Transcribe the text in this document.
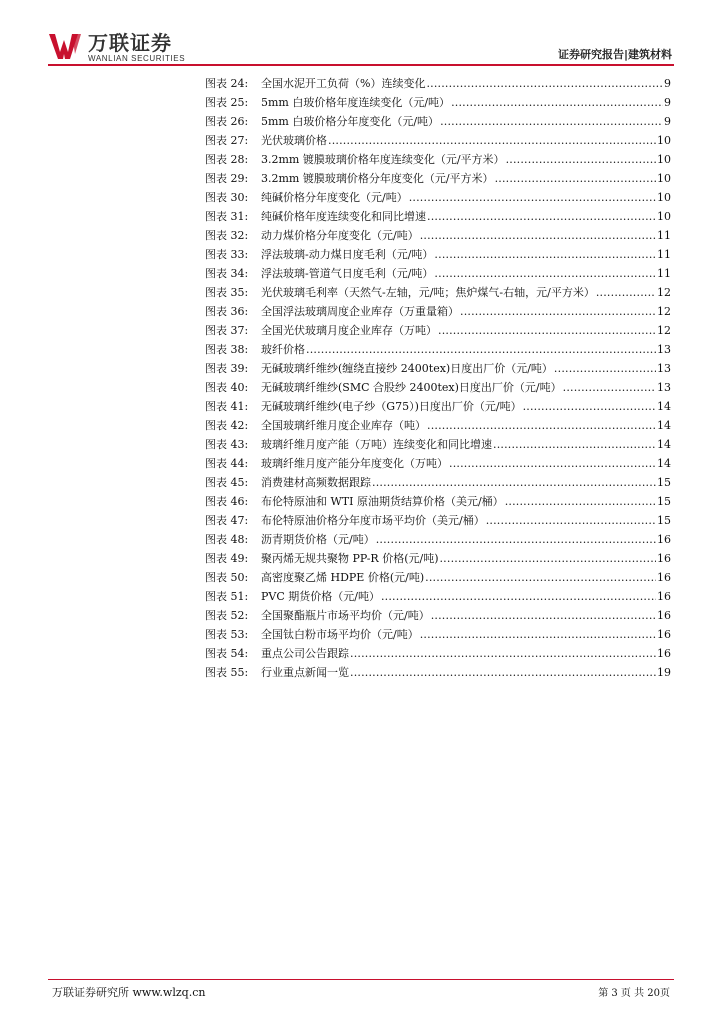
万联证券
WANLIAN SECURITIES	证券研究报告|建筑材料
图表 24:	全国水泥开工负荷（%）连续变化 .....	9
图表 25:	5mm 白玻价格年度连续变化（元/吨） .....	9
图表 26:	5mm 白玻价格分年度变化（元/吨） .....	9
图表 27:	光伏玻璃价格 .....	10
图表 28:	3.2mm 镀膜玻璃价格年度连续变化（元/平方米） .....	10
图表 29:	3.2mm 镀膜玻璃价格分年度变化（元/平方米） .....	10
图表 30:	纯碱价格分年度变化（元/吨） .....	10
图表 31:	纯碱价格年度连续变化和同比增速 .....	10
图表 32:	动力煤价格分年度变化（元/吨） .....	11
图表 33:	浮法玻璃-动力煤日度毛利（元/吨） .....	11
图表 34:	浮法玻璃-管道气日度毛利（元/吨） .....	11
图表 35:	光伏玻璃毛利率（天然气-左轴，元/吨；焦炉煤气-右轴，元/平方米） .....	12
图表 36:	全国浮法玻璃周度企业库存（万重量箱） .....	12
图表 37:	全国光伏玻璃月度企业库存（万吨） .....	12
图表 38:	玻纤价格 .....	13
图表 39:	无碱玻璃纤维纱(缠绕直接纱 2400tex)日度出厂价（元/吨） .....	13
图表 40:	无碱玻璃纤维纱(SMC 合股纱 2400tex)日度出厂价（元/吨） .....	13
图表 41:	无碱玻璃纤维纱(电子纱（G75）)日度出厂价（元/吨） .....	14
图表 42:	全国玻璃纤维月度企业库存（吨） .....	14
图表 43:	玻璃纤维月度产能（万吨）连续变化和同比增速 .....	14
图表 44:	玻璃纤维月度产能分年度变化（万吨） .....	14
图表 45:	消费建材高频数据跟踪 .....	15
图表 46:	布伦特原油和 WTI 原油期货结算价格（美元/桶） .....	15
图表 47:	布伦特原油价格分年度市场平均价（美元/桶） .....	15
图表 48:	沥青期货价格（元/吨） .....	16
图表 49:	聚丙烯无规共聚物 PP-R 价格(元/吨) .....	16
图表 50:	高密度聚乙烯 HDPE 价格(元/吨) .....	16
图表 51:	PVC 期货价格（元/吨） .....	16
图表 52:	全国聚酯瓶片市场平均价（元/吨） .....	16
图表 53:	全国钛白粉市场平均价（元/吨） .....	16
图表 54:	重点公司公告跟踪 .....	16
图表 55:	行业重点新闻一览 .....	19
万联证券研究所 www.wlzq.cn	第 3 页 共 20页
